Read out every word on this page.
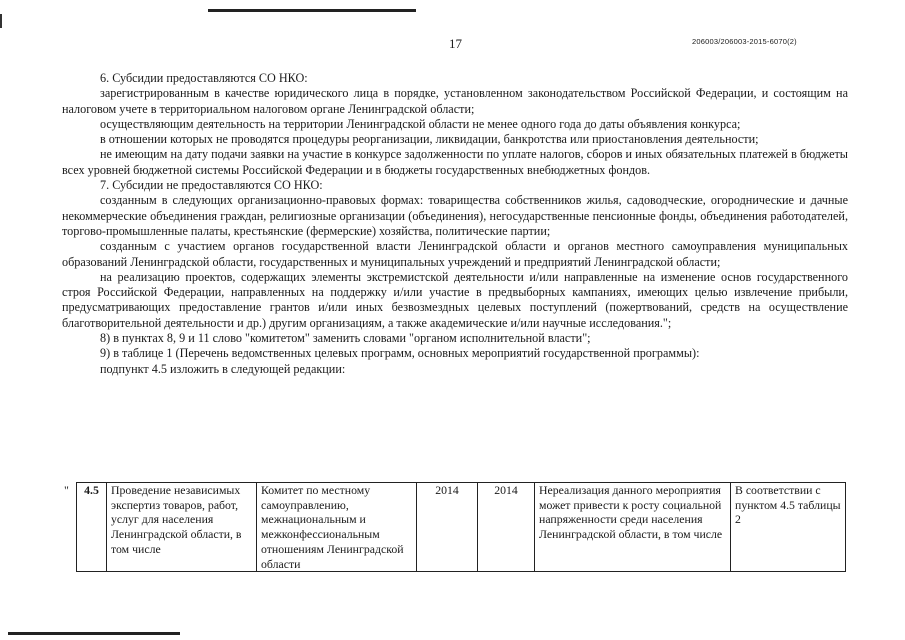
17	206003/206003-2015-6070(2)

6. Субсидии предоставляются СО НКО:

зарегистрированным в качестве юридического лица в порядке, установленном законодательством Российской Федерации, и состоящим на налоговом учете в территориальном налоговом органе Ленинградской области;

осуществляющим деятельность на территории Ленинградской области не менее одного года до даты объявления конкурса;

в отношении которых не проводятся процедуры реорганизации, ликвидации, банкротства или приостановления деятельности;

не имеющим на дату подачи заявки на участие в конкурсе задолженности по уплате налогов, сборов и иных обязательных платежей в бюджеты всех уровней бюджетной системы Российской Федерации и в бюджеты государственных внебюджетных фондов.

7. Субсидии не предоставляются СО НКО:

созданным в следующих организационно-правовых формах: товарищества собственников жилья, садоводческие, огороднические и дачные некоммерческие объединения граждан, религиозные организации (объединения), негосударственные пенсионные фонды, объединения работодателей, торгово-промышленные палаты, крестьянские (фермерские) хозяйства, политические партии;

созданным с участием органов государственной власти Ленинградской области и органов местного самоуправления муниципальных образований Ленинградской области, государственных и муниципальных учреждений и предприятий Ленинградской области;

на реализацию проектов, содержащих элементы экстремистской деятельности и/или направленные на изменение основ государственного строя Российской Федерации, направленных на поддержку и/или участие в предвыборных кампаниях, имеющих целью извлечение прибыли, предусматривающих предоставление грантов и/или иных безвозмездных целевых поступлений (пожертвований, средств на осуществление благотворительной деятельности и др.) другим организациям, а также академические и/или научные исследования.";

8) в пунктах 8, 9 и 11 слово "комитетом" заменить словами "органом исполнительной власти";

9) в таблице 1 (Перечень ведомственных целевых программ, основных мероприятий государственной программы):

подпункт 4.5 изложить в следующей редакции:

" 4.5	Проведение независимых экспертиз товаров, работ, услуг для населения Ленинградской области, в том числе	Комитет по местному самоуправлению, межнациональным и межконфессиональным отношениям Ленинградской области	2014	2014	Нереализация данного мероприятия может привести к росту социальной напряженности среди населения Ленинградской области, в том числе	В соответствии с пунктом 4.5 таблицы 2
